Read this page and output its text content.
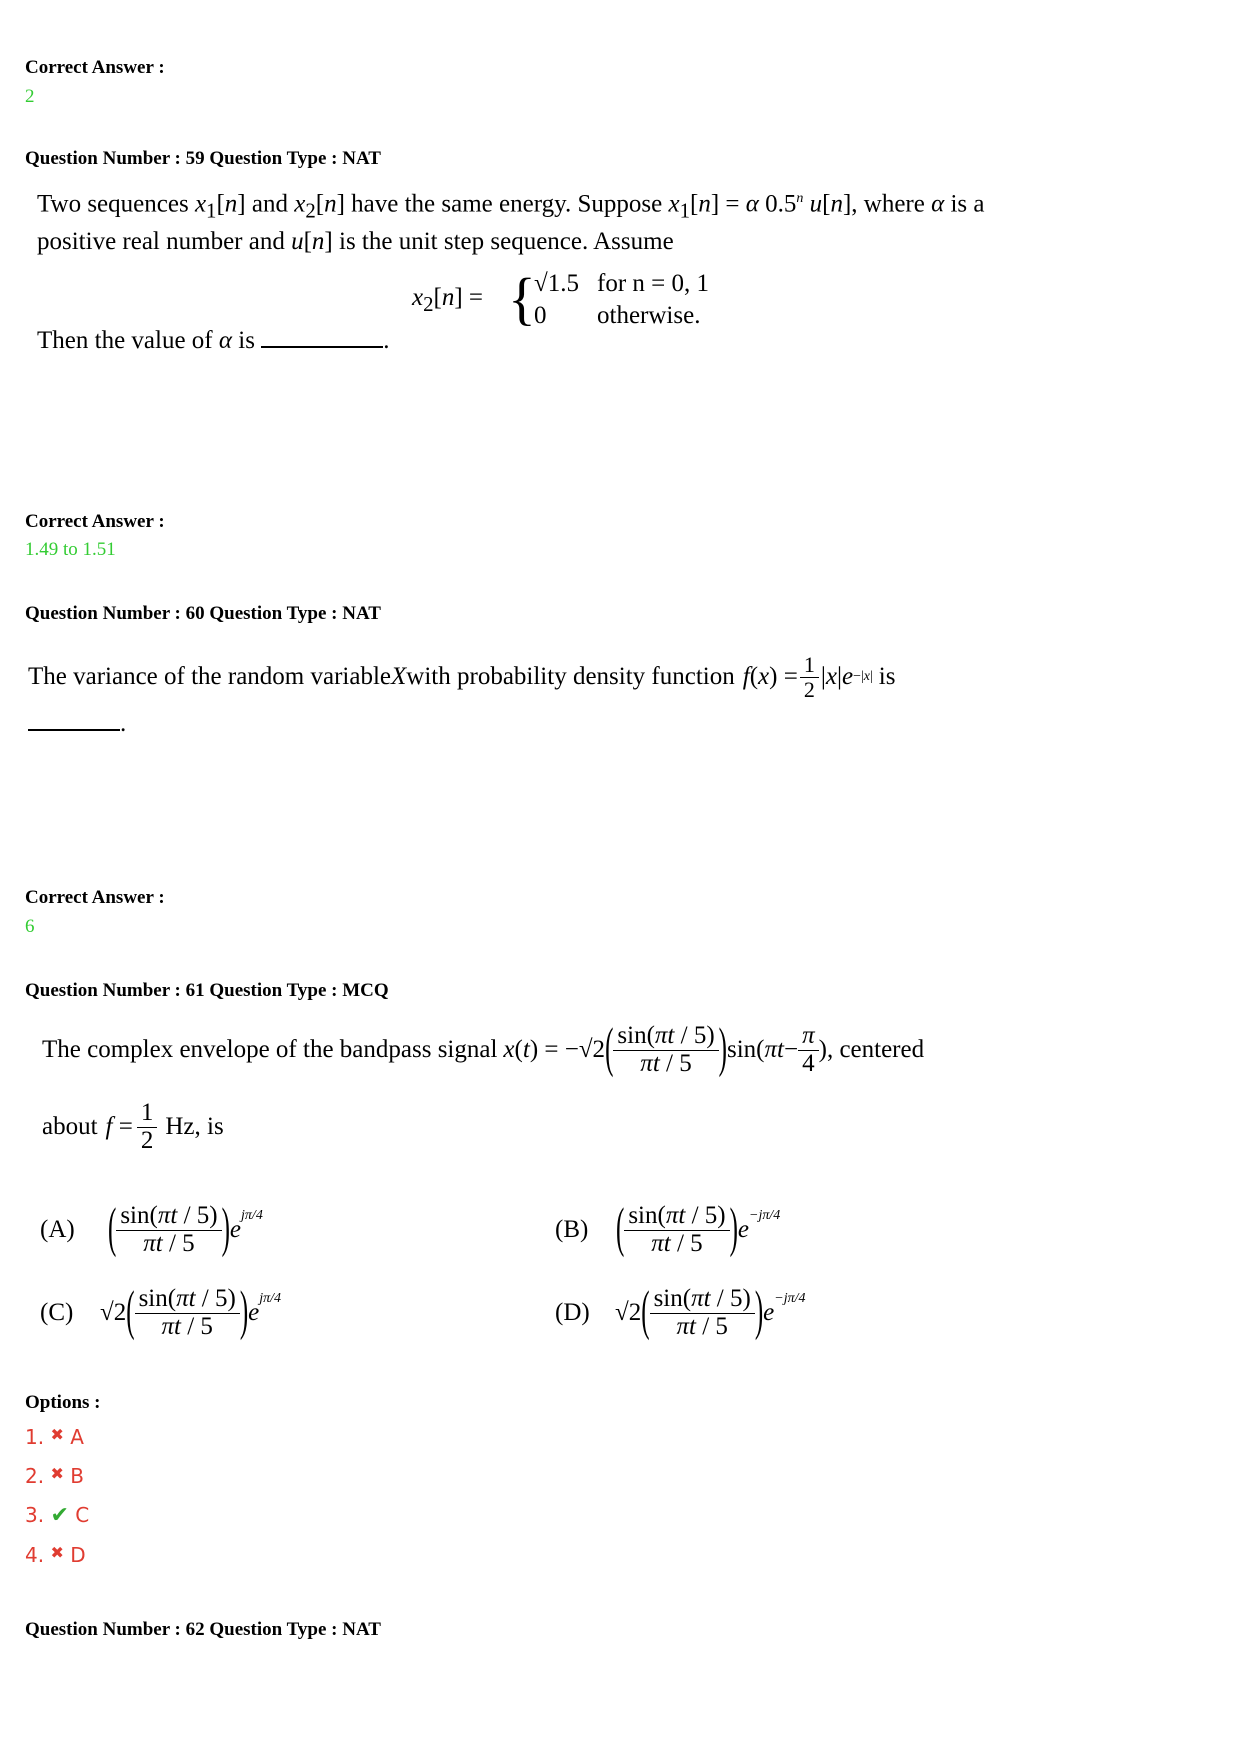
Correct Answer :
2
Question Number : 59 Question Type : NAT
Two sequences $x_1[n]$ and $x_2[n]$ have the same energy. Suppose $x_1[n] = \alpha$ 0.5$^n$ u[n], where α is a
positive real number and u[n] is the unit step sequence. Assume
$x_2[n]$ = {
√1.5 for n = 0, 1
0 otherwise.
Then the value of α is	.
Correct Answer :
1.49 to 1.51
Question Number : 60 Question Type : NAT
The variance of the random variable X with probability density function f ( x ) = $\frac{1}{2}$ | x | e −|x| is
.
Correct Answer :
6
Question Number : 61 Question Type : MCQ
The complex envelope of the bandpass signal x ( t ) = −√2 ( $\frac{\sin(\pi t / 5)}{\pi t / 5}$ ) sin( $\pi t - \frac{\pi}{4}$ ) , centered
about $f = \frac{1}{2} Hz$, is
(A)	( $\frac{\sin(\pi t / 5)}{\pi t / 5}$ ) e
$^{j\pi/4}$
(B)	( $\frac{\sin(\pi t / 5)}{\pi t / 5}$ ) e
$^{-j\pi/4}$
(C)	√2 ( $\frac{\sin(\pi t / 5)}{\pi t / 5}$ ) e
$^{j\pi/4}$
(D)	√2 ( $\frac{\sin(\pi t / 5)}{\pi t / 5}$ ) e
$^{-j\pi/4}$
Options :
1. ✖ A
2. ✖ B
3. ✔ C
4. ✖ D
Question Number : 62 Question Type : NAT
